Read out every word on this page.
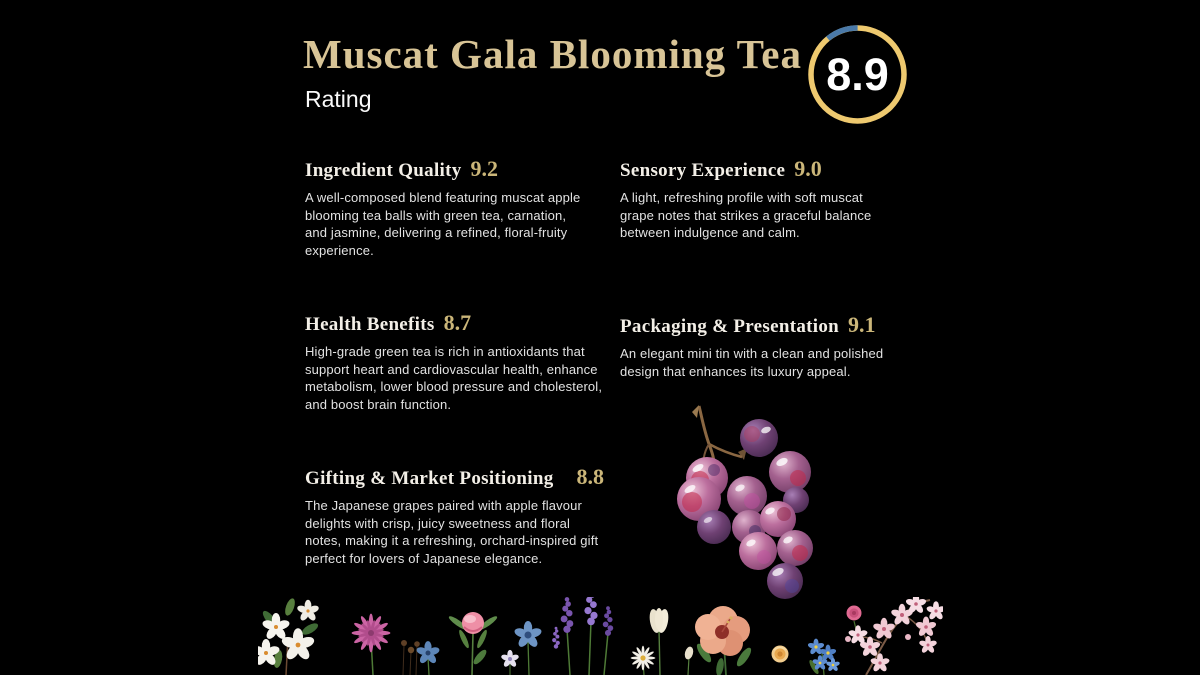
Muscat Gala Blooming Tea
Rating	8.9
Ingredient Quality 9.2

A well-composed blend featuring muscat apple blooming tea balls with green tea, carnation, and jasmine, delivering a refined, floral-fruity experience.

Sensory Experience 9.0

A light, refreshing profile with soft muscat grape notes that strikes a graceful balance between indulgence and calm.

Health Benefits 8.7

High-grade green tea is rich in antioxidants that support heart and cardiovascular health, enhance metabolism, lower blood pressure and cholesterol, and boost brain function.

Packaging & Presentation 9.1

An elegant mini tin with a clean and polished design that enhances its luxury appeal.

Gifting & Market Positioning 8.8

The Japanese grapes paired with apple flavour delights with crisp, juicy sweetness and floral notes, making it a refreshing, orchard-inspired gift perfect for lovers of Japanese elegance.
